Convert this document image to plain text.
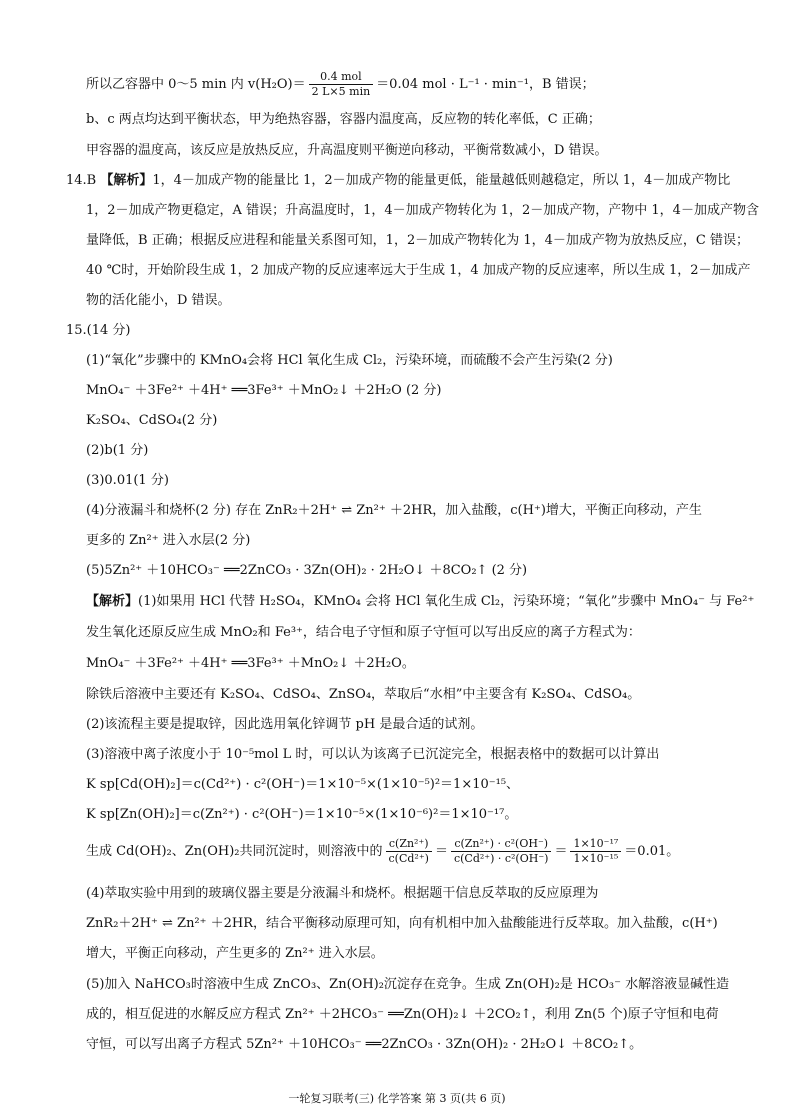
所以乙容器中 0～5 min 内 $v(H_2O)= \frac{\text{0.4 mol}}{2 L\times 5 \min} =0.04$ mol · L⁻¹ · min⁻¹，B 错误；
b、c 两点均达到平衡状态，甲为绝热容器，容器内温度高，反应物的转化率低，C 正确；
甲容器的温度高，该反应是放热反应，升高温度则平衡逆向移动，平衡常数减小，D 错误。
14.B 【解析】1，4－加成产物的能量比 1，2－加成产物的能量更低，能量越低则越稳定，所以 1，4－加成产物比
1，2－加成产物更稳定，A 错误；升高温度时，1，4－加成产物转化为 1，2－加成产物，产物中 1，4－加成产物含
量降低，B 正确；根据反应进程和能量关系图可知，1，2－加成产物转化为 1，4－加成产物为放热反应，C 错误；
40 ℃时，开始阶段生成 1，2 加成产物的反应速率远大于生成 1，4 加成产物的反应速率，所以生成 1，2－加成产
物的活化能小，D 错误。
15.(14 分)
(1)“氧化”步骤中的 KMnO₄会将 HCl 氧化生成 Cl₂，污染环境，而硫酸不会产生污染(2 分)
MnO₄⁻ ＋3Fe²⁺ ＋4H⁺ ══3Fe³⁺ ＋MnO₂↓ ＋2H₂O (2 分)
K₂SO₄、CdSO₄(2 分)
(2)b(1 分)
(3)0.01(1 分)
(4)分液漏斗和烧杯(2 分) 存在 ZnR₂＋2H⁺ ⇌ Zn²⁺ ＋2HR，加入盐酸，c(H⁺)增大，平衡正向移动，产生
更多的 Zn²⁺ 进入水层(2 分)
(5)5Zn²⁺ ＋10HCO₃⁻ ══2ZnCO₃ · 3Zn(OH)₂ · 2H₂O↓ ＋8CO₂↑ (2 分)
【解析】(1)如果用 HCl 代替 H₂SO₄，KMnO₄ 会将 HCl 氧化生成 Cl₂，污染环境；“氧化”步骤中 MnO₄⁻ 与 Fe²⁺
发生氧化还原反应生成 MnO₂和 Fe³⁺，结合电子守恒和原子守恒可以写出反应的离子方程式为：
MnO₄⁻ ＋3Fe²⁺ ＋4H⁺ ══3Fe³⁺ ＋MnO₂↓ ＋2H₂O。
除铁后溶液中主要还有 K₂SO₄、CdSO₄、ZnSO₄，萃取后“水相”中主要含有 K₂SO₄、CdSO₄。
(2)该流程主要是提取锌，因此选用氧化锌调节 pH 是最合适的试剂。
(3)溶液中离子浓度小于 10⁻⁵mol L 时，可以认为该离子已沉淀完全，根据表格中的数据可以计算出
K sp[Cd(OH)₂]＝c(Cd²⁺) · c²(OH⁻)＝1×10⁻⁵×(1×10⁻⁵)²＝1×10⁻¹⁵、
K sp[Zn(OH)₂]＝c(Zn²⁺) · c²(OH⁻)＝1×10⁻⁵×(1×10⁻⁶)²＝1×10⁻¹⁷。
生成 Cd(OH)₂、Zn(OH)₂共同沉淀时，则溶液中的 $\frac{\text{c(Zn²⁺)}}{\text{c(Cd²⁺)}} = \frac{\text{c(Zn²⁺) · c²(OH⁻)}}{\text{c(Cd²⁺) · c²(OH⁻)}} = \frac{\text{1×10⁻¹⁷}}{\text{1×10⁻¹⁵}} =0.01$。
(4)萃取实验中用到的玻璃仪器主要是分液漏斗和烧杯。根据题干信息反萃取的反应原理为
ZnR₂＋2H⁺ ⇌ Zn²⁺ ＋2HR，结合平衡移动原理可知，向有机相中加入盐酸能进行反萃取。加入盐酸，c(H⁺)
增大，平衡正向移动，产生更多的 Zn²⁺ 进入水层。
(5)加入 NaHCO₃时溶液中生成 ZnCO₃、Zn(OH)₂沉淀存在竞争。生成 Zn(OH)₂是 HCO₃⁻ 水解溶液显碱性造
成的，相互促进的水解反应方程式 Zn²⁺ ＋2HCO₃⁻ ══Zn(OH)₂↓ ＋2CO₂↑，利用 Zn(5 个)原子守恒和电荷
守恒，可以写出离子方程式 5Zn²⁺ ＋10HCO₃⁻ ══2ZnCO₃ · 3Zn(OH)₂ · 2H₂O↓ ＋8CO₂↑。
一轮复习联考(三) 化学答案 第 3 页(共 6 页)
